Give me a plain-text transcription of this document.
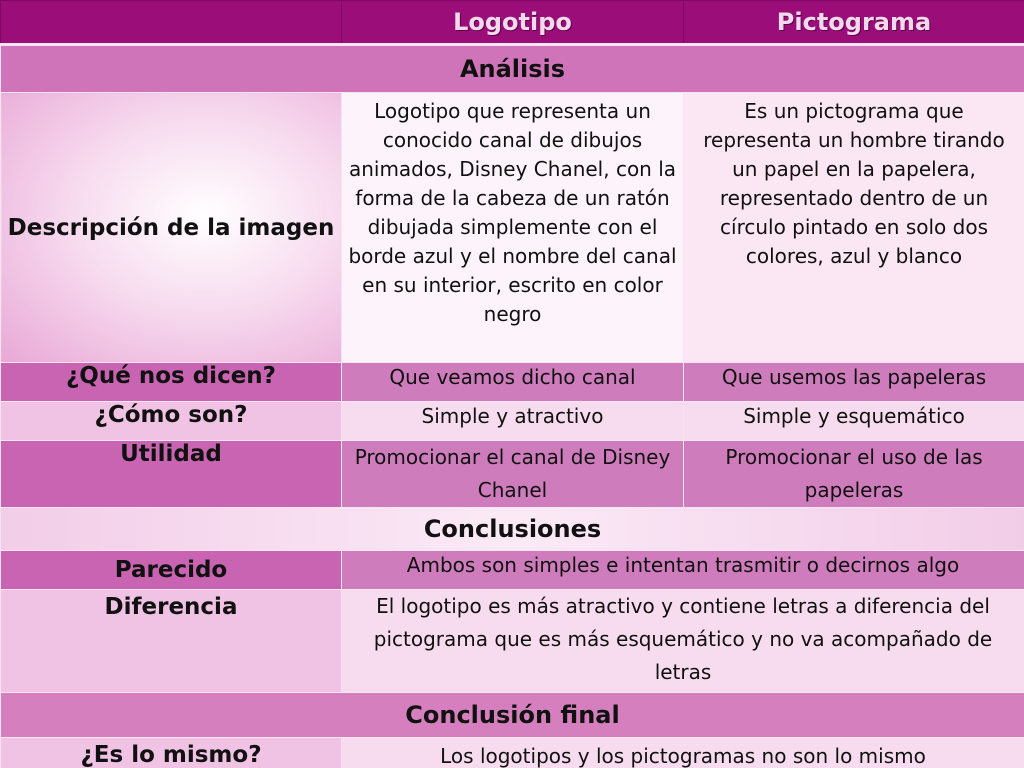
	Logotipo	Pictograma
Análisis		
Descripción de la imagen	Logotipo que representa un conocido canal de dibujos animados, Disney Chanel, con la forma de la cabeza de un ratón dibujada simplemente con el borde azul y el nombre del canal en su interior, escrito en color negro	Es un pictograma que representa un hombre tirando un papel en la papelera, representado dentro de un círculo pintado en solo dos colores, azul y blanco
¿Qué nos dicen?	Que veamos dicho canal	Que usemos las papeleras
¿Cómo son?	Simple y atractivo	Simple y esquemático
Utilidad	Promocionar el canal de Disney Chanel	Promocionar el uso de las papeleras
Conclusiones		
Parecido	Ambos son simples e intentan trasmitir o decirnos algo	
Diferencia	El logotipo es más atractivo y contiene letras a diferencia del pictograma que es más esquemático y no va acompañado de letras	
Conclusión final		
¿Es lo mismo?	Los logotipos y los pictogramas no son lo mismo	
